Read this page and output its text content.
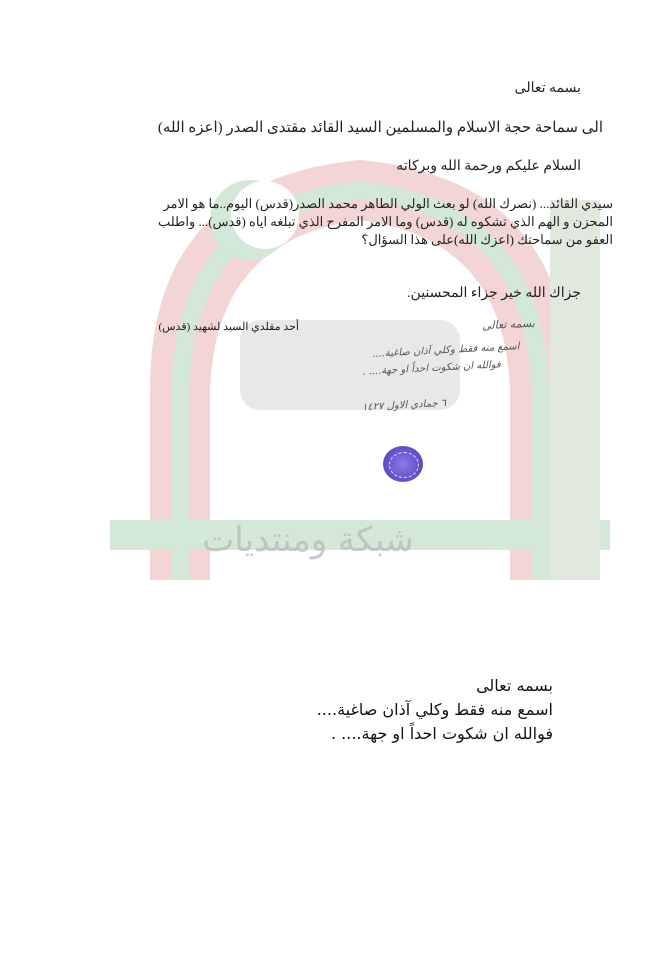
شبكة ومنتديات
بسمه تعالى
الى سماحة حجة الاسلام والمسلمين السيد القائد مقتدى الصدر (اعزه الله)
السلام عليكم ورحمة الله وبركاته
سيدي القائد... (نصرك الله) لو بعث الولي الطاهر محمد الصدر(قدس) اليوم..ما هو الامر المحزن و الهم الذي تشكوه له (قدس) وما الامر المفرح الذي تبلغه اياه (قدس)... واطلب العفو من سماحتك (اعزك الله)على هذا السؤال؟
جزاك الله خير جزاء المحسنين.
أحد مقلدي السيد لشهيد (قدس)	بسمه تعالى
اسمع منه فقط وكلي آذان صاغية....
فوالله ان شكوت احداً او جهة.... .
٦ جمادي الاول ١٤٢٧
بسمه تعالى
اسمع منه فقط وكلي آذان صاغية....
فوالله ان شكوت احداً او جهة.... .
